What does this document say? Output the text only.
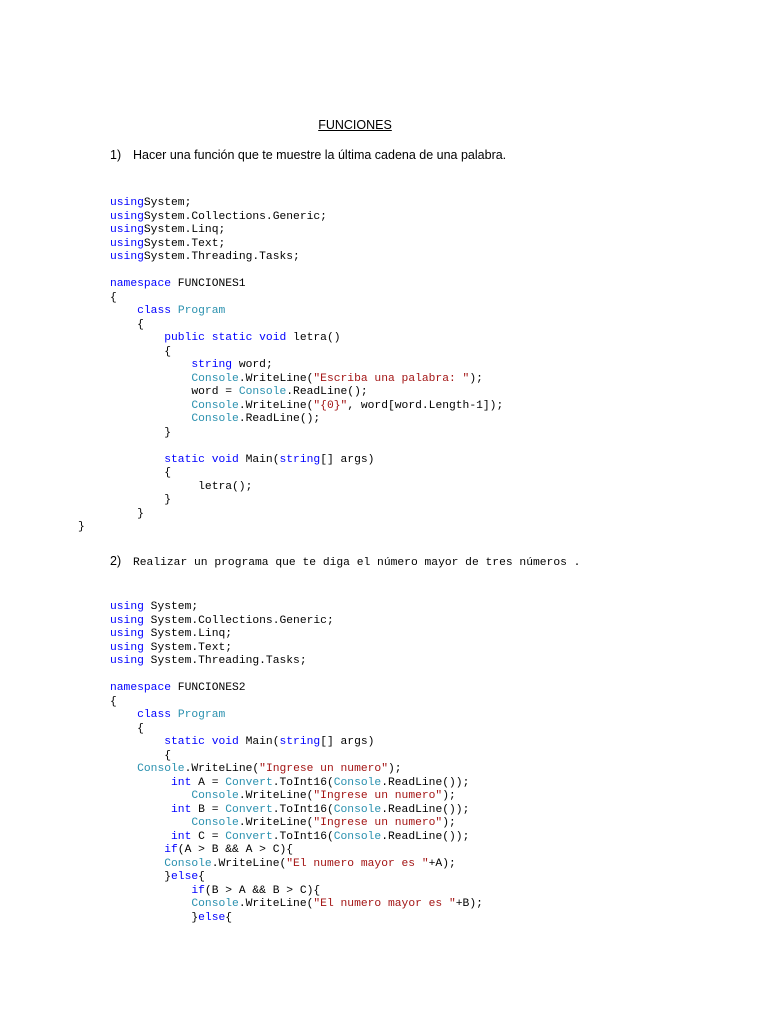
FUNCIONES
1) Hacer una función que te muestre la última cadena de una palabra.
usingSystem;
usingSystem.Collections.Generic;
usingSystem.Linq;
usingSystem.Text;
usingSystem.Threading.Tasks;
namespace FUNCIONES1
{
class Program
{
public static void letra()
{
string word;
Console.WriteLine("Escriba una palabra: ");
word = Console.ReadLine();
Console.WriteLine("{0}", word[word.Length-1]);
Console.ReadLine();
}
static void Main(string[] args)
{
letra();
}
}
}
2) Realizar un programa que te diga el número mayor de tres números .
using System;
using System.Collections.Generic;
using System.Linq;
using System.Text;
using System.Threading.Tasks;
namespace FUNCIONES2
{
class Program
{
static void Main(string[] args)
{
Console.WriteLine("Ingrese un numero");
int A = Convert.ToInt16(Console.ReadLine());
Console.WriteLine("Ingrese un numero");
int B = Convert.ToInt16(Console.ReadLine());
Console.WriteLine("Ingrese un numero");
int C = Convert.ToInt16(Console.ReadLine());
if(A > B && A > C){
Console.WriteLine("El numero mayor es "+A);
}else{
if(B > A && B > C){
Console.WriteLine("El numero mayor es "+B);
}else{
